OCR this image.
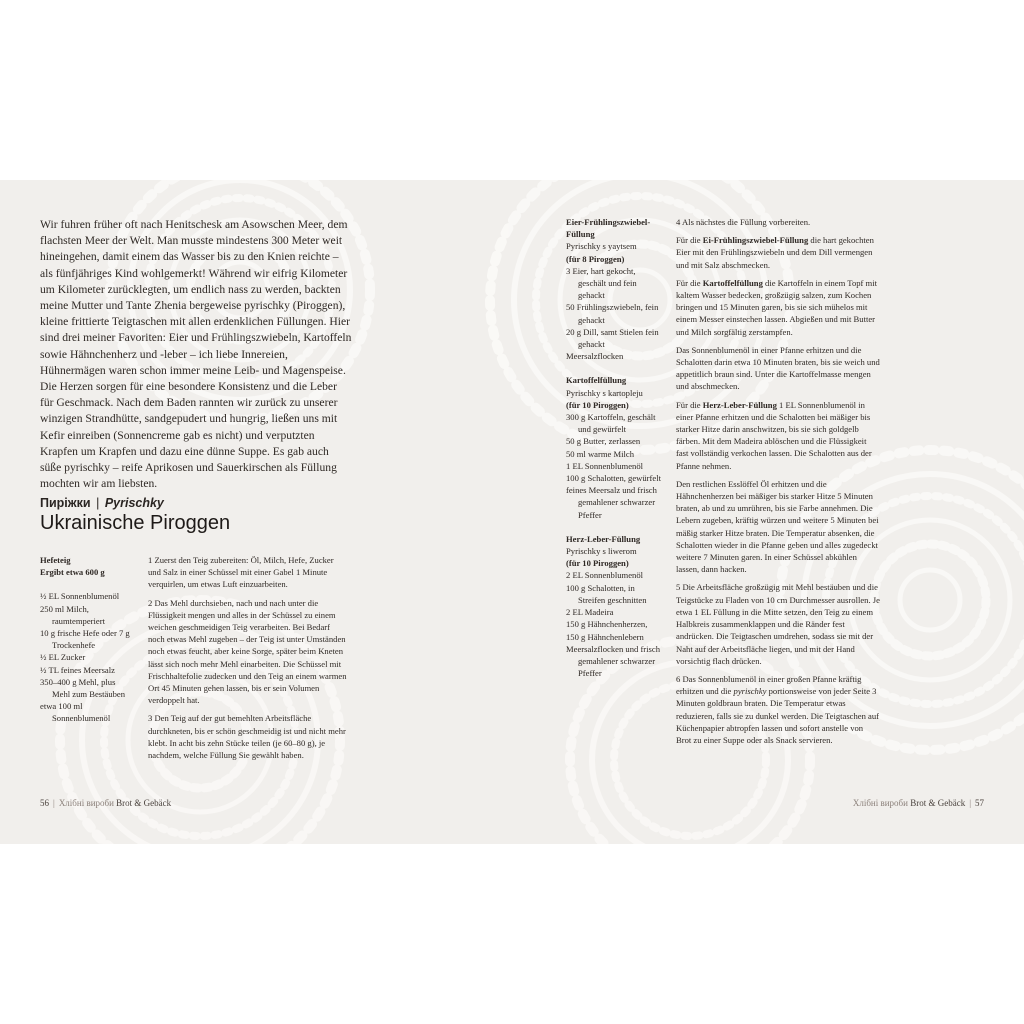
Wir fuhren früher oft nach Henitschesk am Asowschen Meer, dem flachsten Meer der Welt. Man musste mindestens 300 Meter weit hineingehen, damit einem das Wasser bis zu den Knien reichte – als fünfjähriges Kind wohlgemerkt! Während wir eifrig Kilometer um Kilometer zurücklegten, um endlich nass zu werden, backten meine Mutter und Tante Zhenia bergeweise pyrischky (Piroggen), kleine frittierte Teigtaschen mit allen erdenklichen Füllungen. Hier sind drei meiner Favoriten: Eier und Frühlingszwiebeln, Kartoffeln sowie Hähnchenherz und -leber – ich liebe Innereien, Hühnermägen waren schon immer meine Leib- und Magenspeise. Die Herzen sorgen für eine besondere Konsistenz und die Leber für Geschmack. Nach dem Baden rannten wir zurück zu unserer winzigen Strandhütte, sandgepudert und hungrig, ließen uns mit Kefir einreiben (Sonnencreme gab es nicht) und verputzten Krapfen um Krapfen und dazu eine dünne Suppe. Es gab auch süße pyrischky – reife Aprikosen und Sauerkirschen als Füllung mochten wir am liebsten.

Пиріжки | Pyrischky
Ukrainische Piroggen
Hefeteig
Ergibt etwa 600 g
½ EL Sonnenblumenöl
250 ml Milch, raumtemperiert
10 g frische Hefe oder 7 g Trockenhefe
½ EL Zucker
½ TL feines Meersalz
350–400 g Mehl, plus Mehl zum Bestäuben
etwa 100 ml Sonnenblumenöl

1 Zuerst den Teig zubereiten: Öl, Milch, Hefe, Zucker und Salz in einer Schüssel mit einer Gabel 1 Minute verquirlen, um etwas Luft einzuarbeiten.

2 Das Mehl durchsieben, nach und nach unter die Flüssigkeit mengen und alles in der Schüssel zu einem weichen geschmeidigen Teig verarbeiten. Bei Bedarf noch etwas Mehl zugeben – der Teig ist unter Umständen noch etwas feucht, aber keine Sorge, später beim Kneten lässt sich noch mehr Mehl einarbeiten. Die Schüssel mit Frischhaltefolie zudecken und den Teig an einem warmen Ort 45 Minuten gehen lassen, bis er sein Volumen verdoppelt hat.

3 Den Teig auf der gut bemehlten Arbeitsfläche durchkneten, bis er schön geschmeidig ist und nicht mehr klebt. In acht bis zehn Stücke teilen (je 60–80 g), je nachdem, welche Füllung Sie gewählt haben.

56 | Хлібні вироби Brot & Gebäck
Eier-Frühlingszwiebel-Füllung
Pyrischky s yaytsem
(für 8 Piroggen)
3 Eier, hart gekocht, geschält und fein gehackt
50 Frühlingszwiebeln, fein gehackt
20 g Dill, samt Stielen fein gehackt
Meersalzflocken
Kartoffelfüllung
Pyrischky s kartopleju
(für 10 Piroggen)
300 g Kartoffeln, geschält und gewürfelt
50 g Butter, zerlassen
50 ml warme Milch
1 EL Sonnenblumenöl
100 g Schalotten, gewürfelt
feines Meersalz und frisch gemahlener schwarzer Pfeffer
Herz-Leber-Füllung
Pyrischky s liwerom
(für 10 Piroggen)
2 EL Sonnenblumenöl
100 g Schalotten, in Streifen geschnitten
2 EL Madeira
150 g Hähnchenherzen,
150 g Hähnchenlebern
Meersalzflocken und frisch gemahlener schwarzer Pfeffer

4 Als nächstes die Füllung vorbereiten.

Für die Ei-Frühlingszwiebel-Füllung die hart gekochten Eier mit den Frühlingszwiebeln und dem Dill vermengen und mit Salz abschmecken.

Für die Kartoffelfüllung die Kartoffeln in einem Topf mit kaltem Wasser bedecken, großzügig salzen, zum Kochen bringen und 15 Minuten garen, bis sie sich mühelos mit einem Messer einstechen lassen. Abgießen und mit Butter und Milch sorgfältig zerstampfen.

Das Sonnenblumenöl in einer Pfanne erhitzen und die Schalotten darin etwa 10 Minuten braten, bis sie weich und appetitlich braun sind. Unter die Kartoffelmasse mengen und abschmecken.

Für die Herz-Leber-Füllung 1 EL Sonnenblumenöl in einer Pfanne erhitzen und die Schalotten bei mäßiger bis starker Hitze darin anschwitzen, bis sie sich goldgelb färben. Mit dem Madeira ablöschen und die Flüssigkeit fast vollständig verkochen lassen. Die Schalotten aus der Pfanne nehmen.

Den restlichen Esslöffel Öl erhitzen und die Hähnchenherzen bei mäßiger bis starker Hitze 5 Minuten braten, ab und zu umrühren, bis sie Farbe annehmen. Die Lebern zugeben, kräftig würzen und weitere 5 Minuten bei mäßig starker Hitze braten. Die Temperatur absenken, die Schalotten wieder in die Pfanne geben und alles zugedeckt weitere 7 Minuten garen. In einer Schüssel abkühlen lassen, dann hacken.

5 Die Arbeitsfläche großzügig mit Mehl bestäuben und die Teigstücke zu Fladen von 10 cm Durchmesser ausrollen. Je etwa 1 EL Füllung in die Mitte setzen, den Teig zu einem Halbkreis zusammenklappen und die Ränder fest andrücken. Die Teigtaschen umdrehen, sodass sie mit der Naht auf der Arbeitsfläche liegen, und mit der Hand vorsichtig flach drücken.

6 Das Sonnenblumenöl in einer großen Pfanne kräftig erhitzen und die pyrischky portionsweise von jeder Seite 3 Minuten goldbraun braten. Die Temperatur etwas reduzieren, falls sie zu dunkel werden. Die Teigtaschen auf Küchenpapier abtropfen lassen und sofort anstelle von Brot zu einer Suppe oder als Snack servieren.

Хлібні вироби Brot & Gebäck | 57
